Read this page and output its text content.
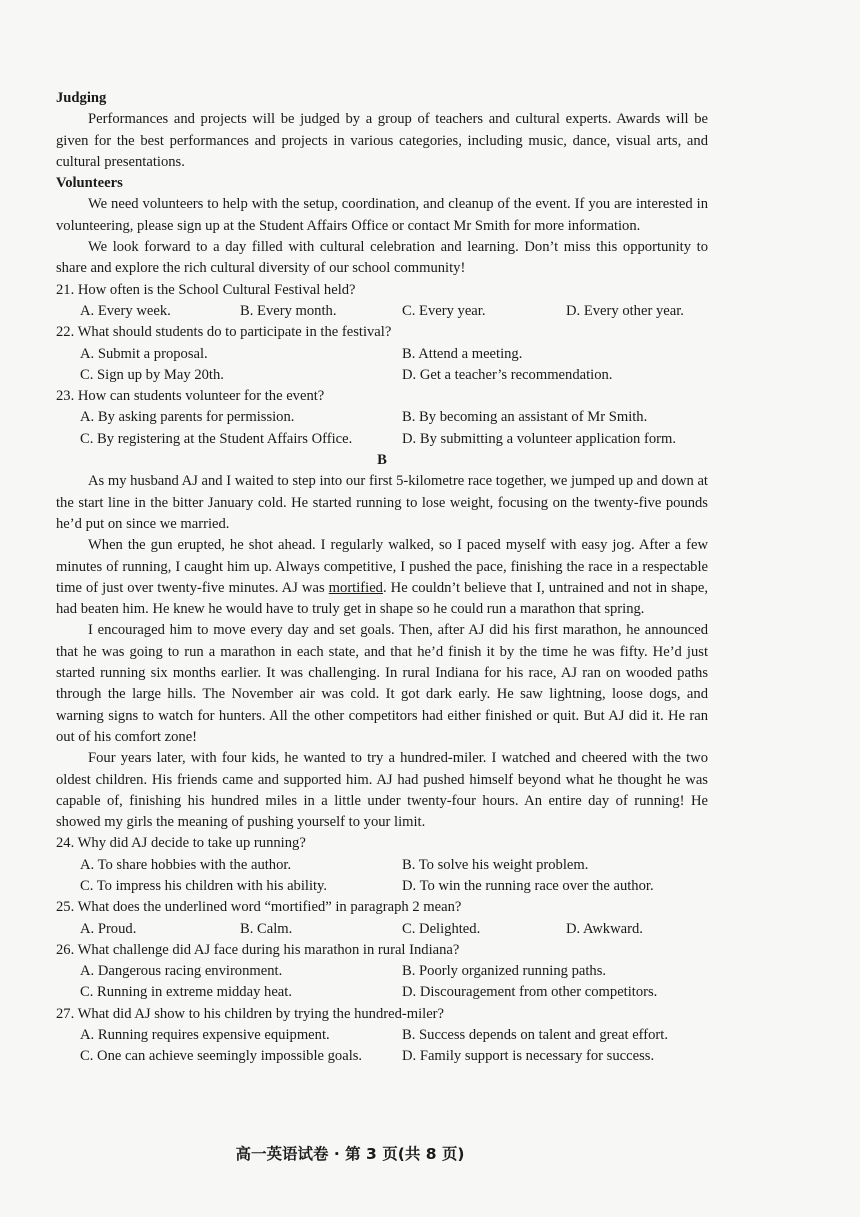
Judging

Performances and projects will be judged by a group of teachers and cultural experts. Awards will be given for the best performances and projects in various categories, including music, dance, visual arts, and cultural presentations.

Volunteers

We need volunteers to help with the setup, coordination, and cleanup of the event. If you are interested in volunteering, please sign up at the Student Affairs Office or contact Mr Smith for more information.

We look forward to a day filled with cultural celebration and learning. Don’t miss this opportunity to share and explore the rich cultural diversity of our school community!

21. How often is the School Cultural Festival held?

A. Every week.	B. Every month.	C. Every year.	D. Every other year.

22. What should students do to participate in the festival?

A. Submit a proposal.	B. Attend a meeting.
C. Sign up by May 20th.	D. Get a teacher’s recommendation.

23. How can students volunteer for the event?

A. By asking parents for permission.	B. By becoming an assistant of Mr Smith.
C. By registering at the Student Affairs Office.	D. By submitting a volunteer application form.

B

As my husband AJ and I waited to step into our first 5-kilometre race together, we jumped up and down at the start line in the bitter January cold. He started running to lose weight, focusing on the twenty-five pounds he’d put on since we married.

When the gun erupted, he shot ahead. I regularly walked, so I paced myself with easy jog. After a few minutes of running, I caught him up. Always competitive, I pushed the pace, finishing the race in a respectable time of just over twenty-five minutes. AJ was mortified. He couldn’t believe that I, untrained and not in shape, had beaten him. He knew he would have to truly get in shape so he could run a marathon that spring.

I encouraged him to move every day and set goals. Then, after AJ did his first marathon, he announced that he was going to run a marathon in each state, and that he’d finish it by the time he was fifty. He’d just started running six months earlier. It was challenging. In rural Indiana for his race, AJ ran on wooded paths through the large hills. The November air was cold. It got dark early. He saw lightning, loose dogs, and warning signs to watch for hunters. All the other competitors had either finished or quit. But AJ did it. He ran out of his comfort zone!

Four years later, with four kids, he wanted to try a hundred-miler. I watched and cheered with the two oldest children. His friends came and supported him. AJ had pushed himself beyond what he thought he was capable of, finishing his hundred miles in a little under twenty-four hours. An entire day of running! He showed my girls the meaning of pushing yourself to your limit.

24. Why did AJ decide to take up running?

A. To share hobbies with the author.	B. To solve his weight problem.
C. To impress his children with his ability.	D. To win the running race over the author.

25. What does the underlined word “mortified” in paragraph 2 mean?

A. Proud.	B. Calm.	C. Delighted.	D. Awkward.

26. What challenge did AJ face during his marathon in rural Indiana?

A. Dangerous racing environment.	B. Poorly organized running paths.
C. Running in extreme midday heat.	D. Discouragement from other competitors.

27. What did AJ show to his children by trying the hundred-miler?

A. Running requires expensive equipment.	B. Success depends on talent and great effort.
C. One can achieve seemingly impossible goals.	D. Family support is necessary for success.
高一英语试卷 · 第 3 页(共 8 页)
